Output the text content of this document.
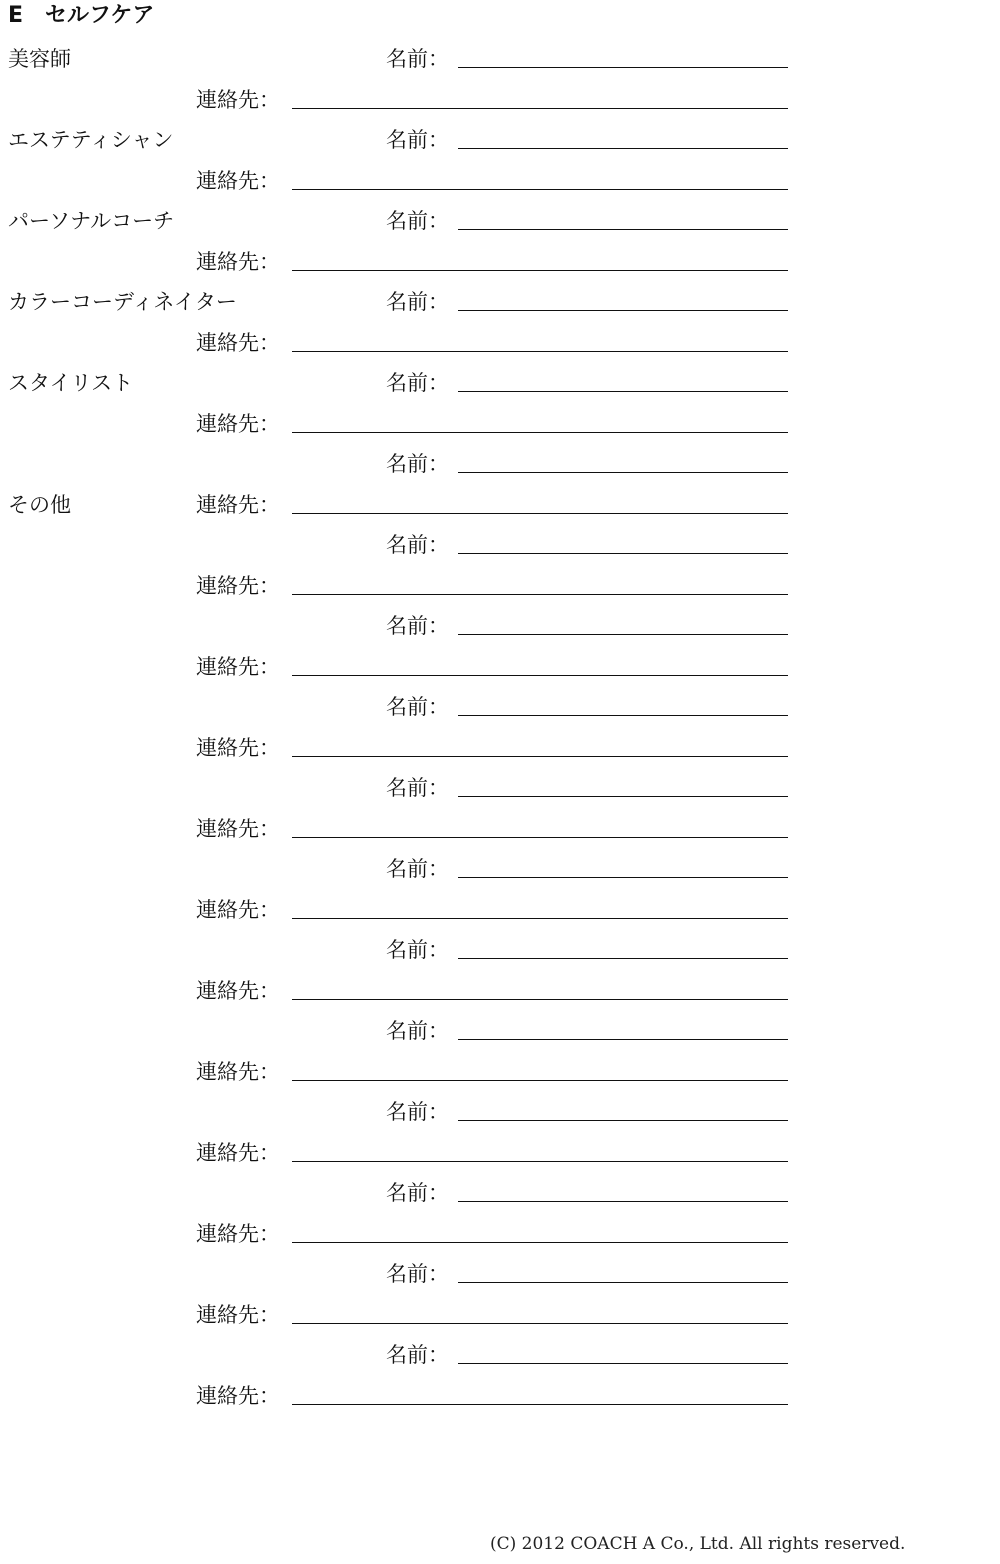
E　セルフケア
美容師	名前：
連絡先：
エステティシャン	名前：
連絡先：
パーソナルコーチ	名前：
連絡先：
カラーコーディネイター	名前：
連絡先：
スタイリスト	名前：
連絡先：
名前：
その他	連絡先：
名前：
連絡先：
名前：
連絡先：
名前：
連絡先：
名前：
連絡先：
名前：
連絡先：
名前：
連絡先：
名前：
連絡先：
名前：
連絡先：
名前：
連絡先：
名前：
連絡先：
名前：
連絡先：
(C) 2012 COACH A Co., Ltd. All rights reserved.
